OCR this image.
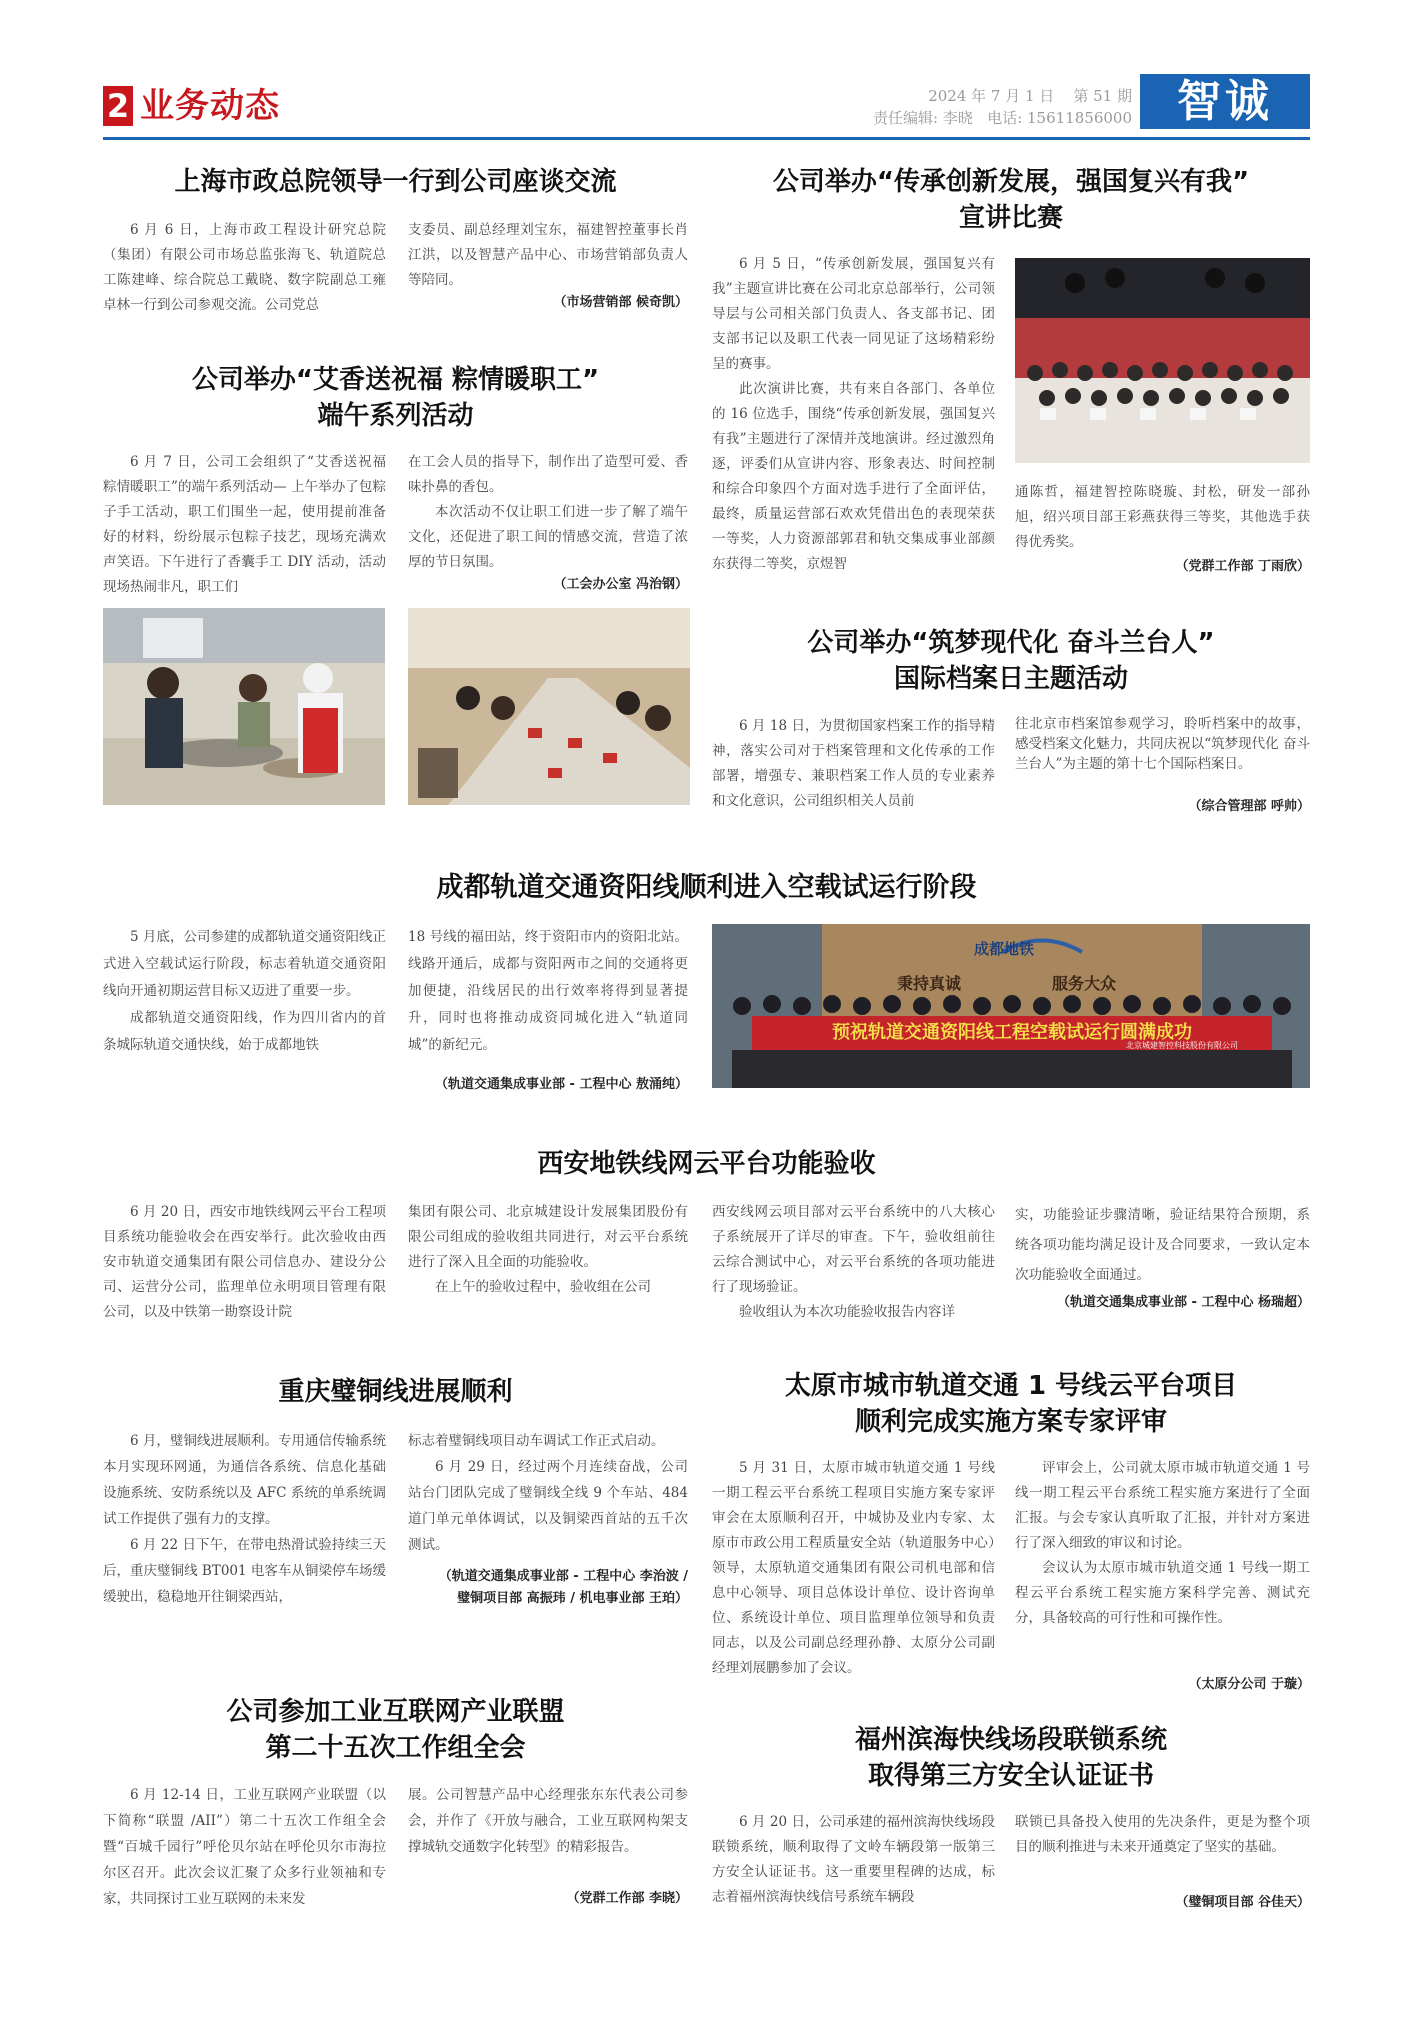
2 业务动态	2024 年 7 月 1 日 第 51 期
责任编辑: 李晓 电话: 15611856000	智诚
上海市政总院领导一行到公司座谈交流

6 月 6 日，上海市政工程设计研究总院（集团）有限公司市场总监张海飞、轨道院总工陈建峰、综合院总工戴晓、数字院副总工雍卓林一行到公司参观交流。公司党总

支委员、副总经理刘宝东，福建智控董事长肖江洪，以及智慧产品中心、市场营销部负责人等陪同。

（市场营销部 候奇凯）
公司举办“艾香送祝福 粽情暖职工”
端午系列活动

6 月 7 日，公司工会组织了“艾香送祝福 粽情暖职工”的端午系列活动— 上午举办了包粽子手工活动，职工们围坐一起，使用提前准备好的材料，纷纷展示包粽子技艺，现场充满欢声笑语。下午进行了香囊手工 DIY 活动，活动现场热闹非凡，职工们

在工会人员的指导下，制作出了造型可爱、香味扑鼻的香包。

本次活动不仅让职工们进一步了解了端午文化，还促进了职工间的情感交流，营造了浓厚的节日氛围。

（工会办公室 冯治钢）
公司举办“传承创新发展，强国复兴有我”
宣讲比赛

6 月 5 日，“传承创新发展，强国复兴有我”主题宣讲比赛在公司北京总部举行，公司领导层与公司相关部门负责人、各支部书记、团支部书记以及职工代表一同见证了这场精彩纷呈的赛事。

此次演讲比赛，共有来自各部门、各单位的 16 位选手，围绕“传承创新发展，强国复兴有我”主题进行了深情并茂地演讲。经过激烈角逐，评委们从宣讲内容、形象表达、时间控制和综合印象四个方面对选手进行了全面评估，最终，质量运营部石欢欢凭借出色的表现荣获一等奖，人力资源部郭君和轨交集成事业部颜东获得二等奖，京煜智

通陈哲，福建智控陈晓璇、封松，研发一部孙旭，绍兴项目部王彩燕获得三等奖，其他选手获得优秀奖。

（党群工作部 丁雨欣）
公司举办“筑梦现代化 奋斗兰台人”
国际档案日主题活动

6 月 18 日，为贯彻国家档案工作的指导精神，落实公司对于档案管理和文化传承的工作部署，增强专、兼职档案工作人员的专业素养和文化意识，公司组织相关人员前

往北京市档案馆参观学习，聆听档案中的故事，感受档案文化魅力，共同庆祝以“筑梦现代化 奋斗兰台人”为主题的第十七个国际档案日。

（综合管理部 呼帅）
成都轨道交通资阳线顺利进入空载试运行阶段

5 月底，公司参建的成都轨道交通资阳线正式进入空载试运行阶段，标志着轨道交通资阳线向开通初期运营目标又迈进了重要一步。

成都轨道交通资阳线，作为四川省内的首条城际轨道交通快线，始于成都地铁

18 号线的福田站，终于资阳市内的资阳北站。线路开通后，成都与资阳两市之间的交通将更加便捷，沿线居民的出行效率将得到显著提升，同时也将推动成资同城化进入“轨道同城”的新纪元。

（轨道交通集成事业部 - 工程中心 敖涌纯）
成都地铁
秉持真诚	服务大众
预祝轨道交通资阳线工程空载试运行圆满成功
北京城建智控科技股份有限公司
西安地铁线网云平台功能验收

6 月 20 日，西安市地铁线网云平台工程项目系统功能验收会在西安举行。此次验收由西安市轨道交通集团有限公司信息办、建设分公司、运营分公司，监理单位永明项目管理有限公司，以及中铁第一勘察设计院

集团有限公司、北京城建设计发展集团股份有限公司组成的验收组共同进行，对云平台系统进行了深入且全面的功能验收。

在上午的验收过程中，验收组在公司

西安线网云项目部对云平台系统中的八大核心子系统展开了详尽的审查。下午，验收组前往云综合测试中心，对云平台系统的各项功能进行了现场验证。

验收组认为本次功能验收报告内容详

实，功能验证步骤清晰，验证结果符合预期，系统各项功能均满足设计及合同要求，一致认定本次功能验收全面通过。

（轨道交通集成事业部 - 工程中心 杨瑞超）
重庆璧铜线进展顺利

6 月，璧铜线进展顺利。专用通信传输系统本月实现环网通，为通信各系统、信息化基础设施系统、安防系统以及 AFC 系统的单系统调试工作提供了强有力的支撑。

6 月 22 日下午，在带电热滑试验持续三天后，重庆璧铜线 BT001 电客车从铜梁停车场缓缓驶出，稳稳地开往铜梁西站，

标志着璧铜线项目动车调试工作正式启动。

6 月 29 日，经过两个月连续奋战，公司站台门团队完成了璧铜线全线 9 个车站、484 道门单元单体调试，以及铜梁西首站的五千次测试。

（轨道交通集成事业部 - 工程中心 李治波 /
璧铜项目部 高振玮 / 机电事业部 王珀）
太原市城市轨道交通 1 号线云平台项目
顺利完成实施方案专家评审

5 月 31 日，太原市城市轨道交通 1 号线一期工程云平台系统工程项目实施方案专家评审会在太原顺利召开，中城协及业内专家、太原市市政公用工程质量安全站（轨道服务中心）领导，太原轨道交通集团有限公司机电部和信息中心领导、项目总体设计单位、设计咨询单位、系统设计单位、项目监理单位领导和负责同志，以及公司副总经理孙静、太原分公司副经理刘展鹏参加了会议。

评审会上，公司就太原市城市轨道交通 1 号线一期工程云平台系统工程实施方案进行了全面汇报。与会专家认真听取了汇报，并针对方案进行了深入细致的审议和讨论。

会议认为太原市城市轨道交通 1 号线一期工程云平台系统工程实施方案科学完善、测试充分，具备较高的可行性和可操作性。

（太原分公司 于璇）
公司参加工业互联网产业联盟
第二十五次工作组全会

6 月 12-14 日，工业互联网产业联盟（以下简称“联盟 /AII”）第二十五次工作组全会暨“百城千园行”呼伦贝尔站在呼伦贝尔市海拉尔区召开。此次会议汇聚了众多行业领袖和专家，共同探讨工业互联网的未来发

展。公司智慧产品中心经理张东东代表公司参会，并作了《开放与融合，工业互联网构架支撑城轨交通数字化转型》的精彩报告。

（党群工作部 李晓）
福州滨海快线场段联锁系统
取得第三方安全认证证书

6 月 20 日，公司承建的福州滨海快线场段联锁系统，顺利取得了文岭车辆段第一版第三方安全认证证书。这一重要里程碑的达成，标志着福州滨海快线信号系统车辆段

联锁已具备投入使用的先决条件，更是为整个项目的顺利推进与未来开通奠定了坚实的基础。

（璧铜项目部 谷佳天）
